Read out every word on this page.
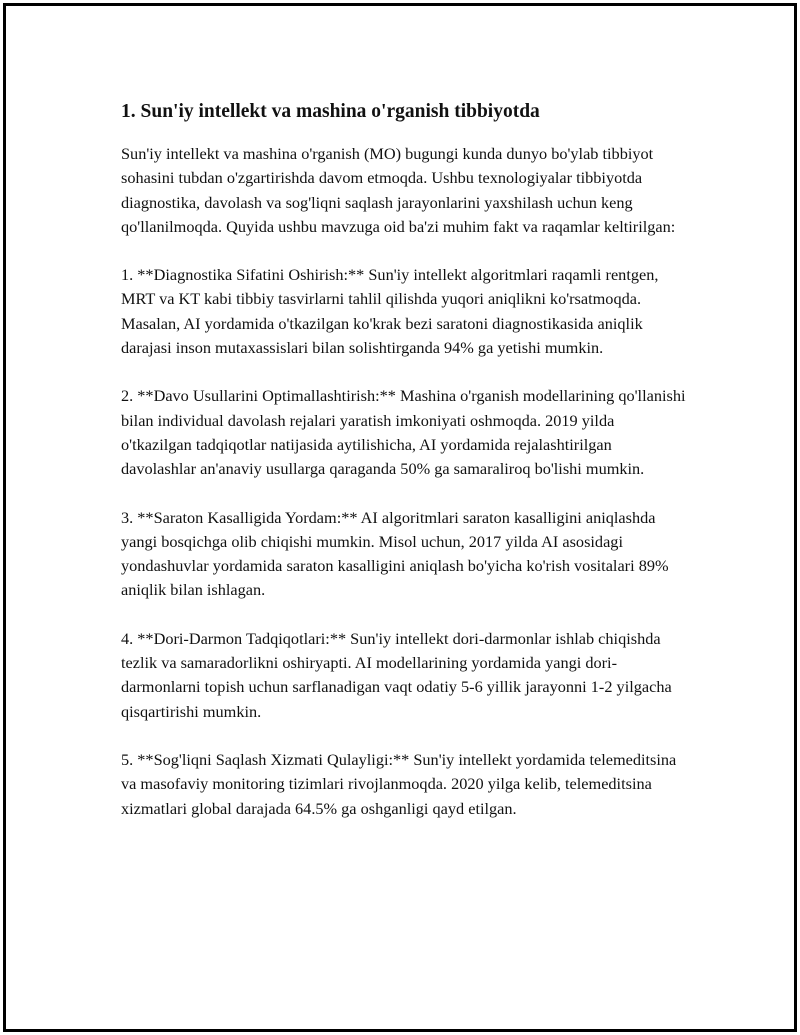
1. Sun'iy intellekt va mashina o'rganish tibbiyotda

Sun'iy intellekt va mashina o'rganish (MO) bugungi kunda dunyo bo'ylab tibbiyot sohasini tubdan o'zgartirishda davom etmoqda. Ushbu texnologiyalar tibbiyotda diagnostika, davolash va sog'liqni saqlash jarayonlarini yaxshilash uchun keng qo'llanilmoqda. Quyida ushbu mavzuga oid ba'zi muhim fakt va raqamlar keltirilgan:

1. **Diagnostika Sifatini Oshirish:** Sun'iy intellekt algoritmlari raqamli rentgen, MRT va KT kabi tibbiy tasvirlarni tahlil qilishda yuqori aniqlikni ko'rsatmoqda. Masalan, AI yordamida o'tkazilgan ko'krak bezi saratoni diagnostikasida aniqlik darajasi inson mutaxassislari bilan solishtirganda 94% ga yetishi mumkin.

2. **Davo Usullarini Optimallashtirish:** Mashina o'rganish modellarining qo'llanishi bilan individual davolash rejalari yaratish imkoniyati oshmoqda. 2019 yilda o'tkazilgan tadqiqotlar natijasida aytilishicha, AI yordamida rejalashtirilgan davolashlar an'anaviy usullarga qaraganda 50% ga samaraliroq bo'lishi mumkin.

3. **Saraton Kasalligida Yordam:** AI algoritmlari saraton kasalligini aniqlashda yangi bosqichga olib chiqishi mumkin. Misol uchun, 2017 yilda AI asosidagi yondashuvlar yordamida saraton kasalligini aniqlash bo'yicha ko'rish vositalari 89% aniqlik bilan ishlagan.

4. **Dori-Darmon Tadqiqotlari:** Sun'iy intellekt dori-darmonlar ishlab chiqishda tezlik va samaradorlikni oshiryapti. AI modellarining yordamida yangi dori-darmonlarni topish uchun sarflanadigan vaqt odatiy 5-6 yillik jarayonni 1-2 yilgacha qisqartirishi mumkin.

5. **Sog'liqni Saqlash Xizmati Qulayligi:** Sun'iy intellekt yordamida telemeditsina va masofaviy monitoring tizimlari rivojlanmoqda. 2020 yilga kelib, telemeditsina xizmatlari global darajada 64.5% ga oshganligi qayd etilgan.
